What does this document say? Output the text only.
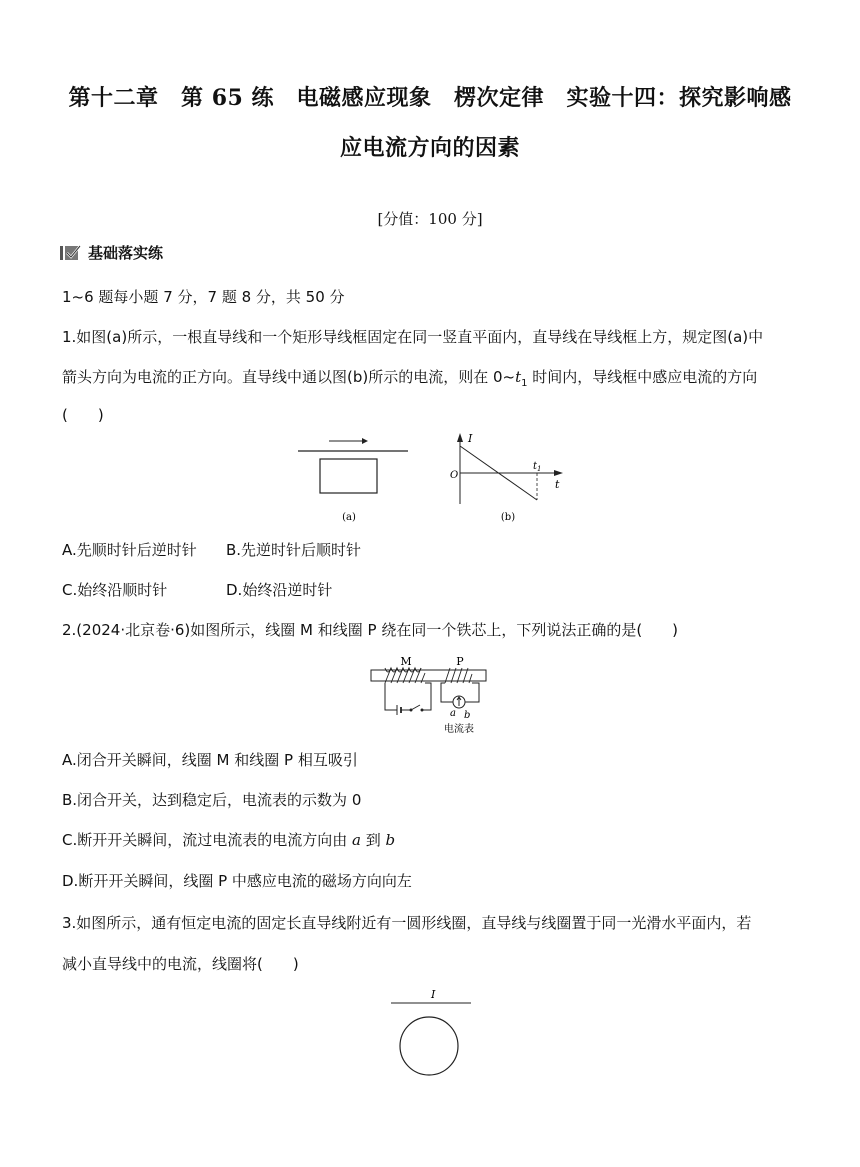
第十二章　第 65 练　电磁感应现象　楞次定律　实验十四：探究影响感
应电流方向的因素
[分值：100 分]
基础落实练
1~6 题每小题 7 分，7 题 8 分，共 50 分
1.如图(a)所示，一根直导线和一个矩形导线框固定在同一竖直平面内，直导线在导线框上方，规定图(a)中
箭头方向为电流的正方向。直导线中通以图(b)所示的电流，则在 $0\sim t_1$ 时间内，导线框中感应电流的方向
(　　)
(a)
I
O
t
$t_1$
(b)
A.先顺时针后逆时针 B.先逆时针后顺时针
C.始终沿顺时针	D.始终沿逆时针
2.(2024·北京卷·6)如图所示，线圈 M 和线圈 P 绕在同一个铁芯上，下列说法正确的是(　　)
M	P
a b
电流表
A.闭合开关瞬间，线圈 M 和线圈 P 相互吸引
B.闭合开关，达到稳定后，电流表的示数为 0
C.断开开关瞬间，流过电流表的电流方向由 a 到 b
D.断开开关瞬间，线圈 P 中感应电流的磁场方向向左
3.如图所示，通有恒定电流的固定长直导线附近有一圆形线圈，直导线与线圈置于同一光滑水平面内，若
减小直导线中的电流，线圈将(　　)
I
